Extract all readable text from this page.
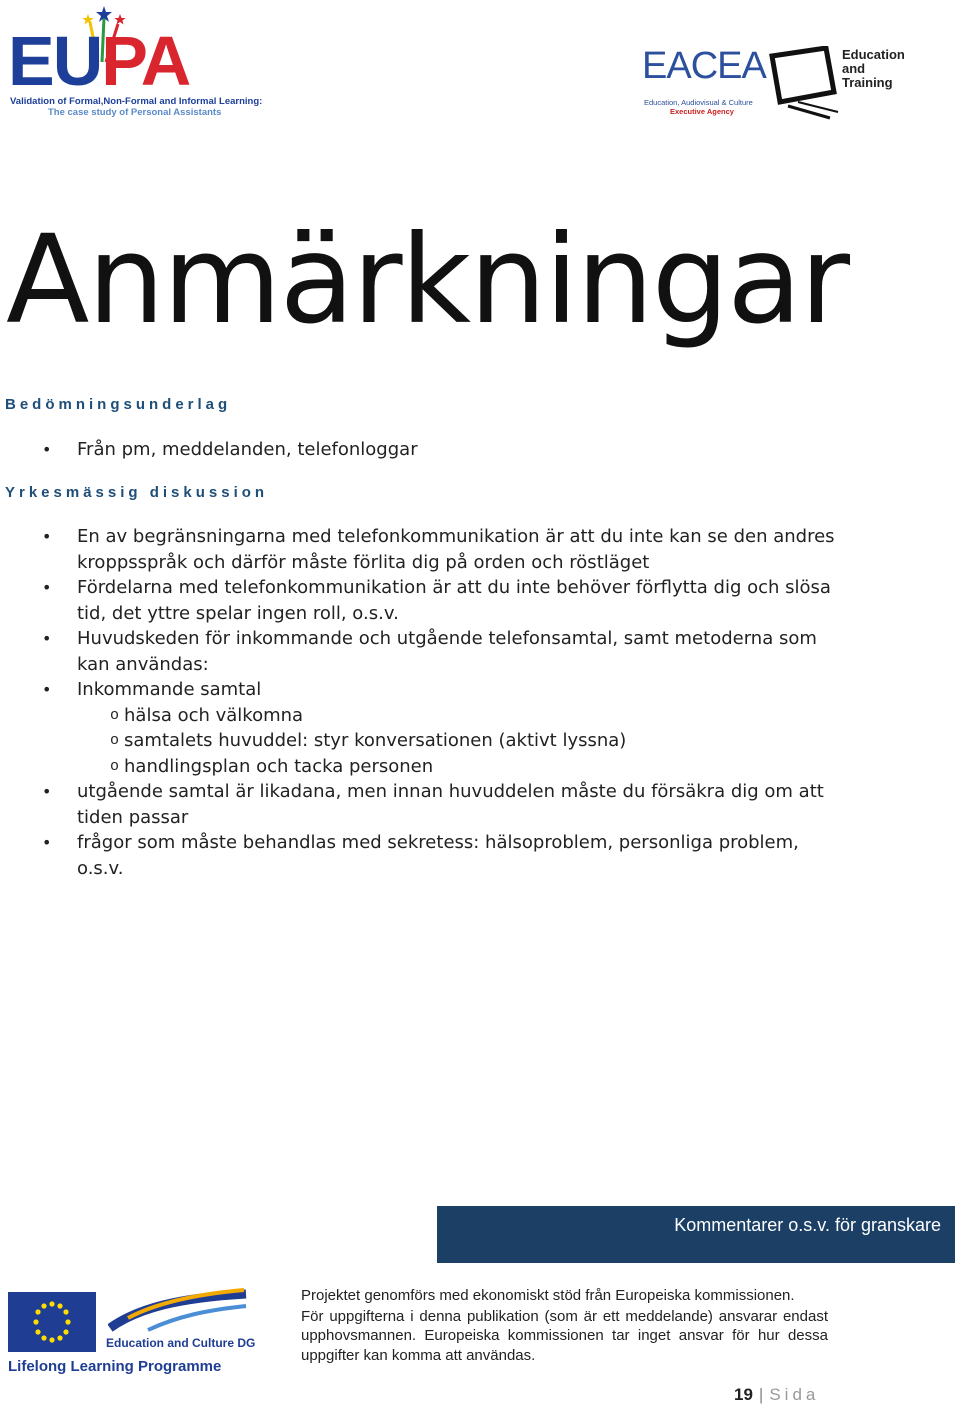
EUPA
Validation of Formal,Non-Formal and Informal Learning:
The case study of Personal Assistants
EACEA
Education, Audiovisual & Culture
Executive Agency
Education
and
Training
Anmärkningar
Bedömningsunderlag
• Från pm, meddelanden, telefonloggar
Yrkesmässig diskussion
• En av begränsningarna med telefonkommunikation är att du inte kan se den andres kroppsspråk och därför måste förlita dig på orden och röstläget
• Fördelarna med telefonkommunikation är att du inte behöver förflytta dig och slösa tid, det yttre spelar ingen roll, o.s.v.
• Huvudskeden för inkommande och utgående telefonsamtal, samt metoderna som kan användas:
• Inkommande samtal
o hälsa och välkomna
o samtalets huvuddel: styr konversationen (aktivt lyssna)
o handlingsplan och tacka personen
• utgående samtal är likadana, men innan huvuddelen måste du försäkra dig om att tiden passar
• frågor som måste behandlas med sekretess: hälsoproblem, personliga problem, o.s.v.
Kommentarer o.s.v. för granskare
Education and Culture DG
Lifelong Learning Programme

Projektet genomförs med ekonomiskt stöd från Europeiska kommissionen.

För uppgifterna i denna publikation (som är ett meddelande) ansvarar endast upphovsmannen. Europeiska kommissionen tar inget ansvar för hur dessa uppgifter kan komma att användas.

19 | Sida
